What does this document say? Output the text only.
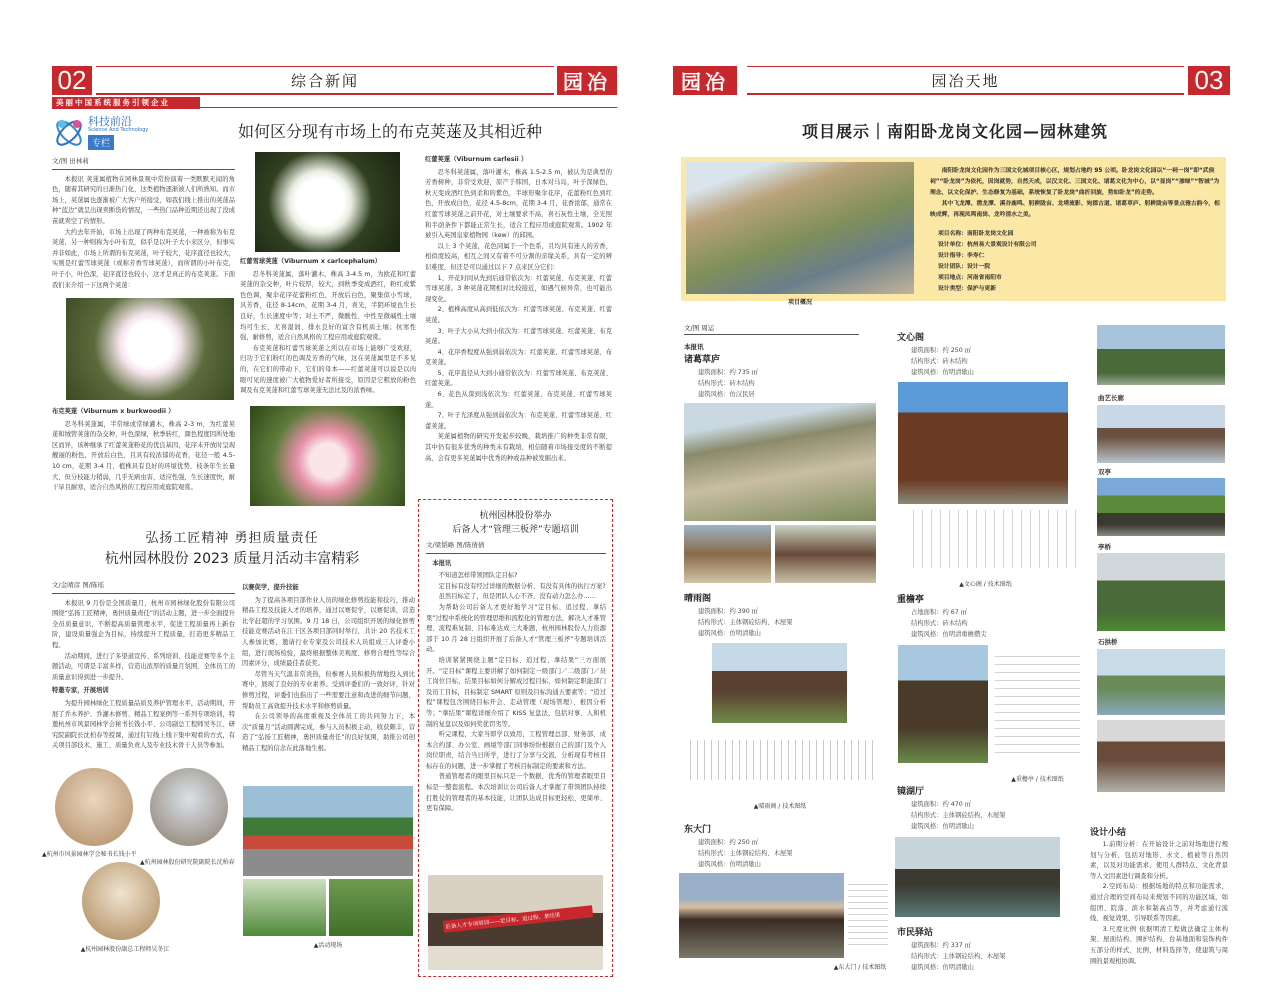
02	综合新闻	园冶
美丽中国系统服务引领企业
科技前沿
Science And Technology
专栏
如何区分现有市场上的布克荚蒾及其相近种
文/图 田林莉

本报讯 荚蒾属植物在园林景观中常扮演着一类默默无闻的角色，随着其研究的日渐热门化，这类植物逐渐被人们所熟知。而市场上，荚蒾属也逐渐被广大客户所接受，如我们线上推出的荚蒾品种“蓝边”就呈出现卖断货的情况，一些热门品种近期还出现了没成苗就卖空了的情形。

大约去年开始，市场上出现了两种布克荚蒾，一种被称为布克荚蒾，另一种则称为小叶布克，似乎是以叶子大小来区分，但事实并非如此，市场上所谓的布克荚蒾，叶子较大，花序直径也较大，实则是红蕾雪球荚蒾（或称芳香雪球荚蒾），而所谓的小叶布克，叶子小，叶色深，花序直径也较小，这才是真正的布克荚蒾。下面我们来介绍一下这两个荚蒾：

布克荚蒾（Viburnum x burkwoodii ）

忍冬科荚蒾属，半常绿或常绿灌木，株高 2-3 m，为红蕾荚蒾和绒管荚蒾的杂交种，叶色深绿，秋季转红，颜色程度因所处地区而异，该种继承了红蕾荚蒾粉花的优良基因，花序未开放时呈现靓丽的粉色，开放后白色，且具有较浓郁的花香，花径一般 4.5-10 cm，花期 3-4 月，植株具有良好的环境优势，枝条年生长量大，但分枝能力稍弱，几乎无病虫害，适应性强，生长速度快，耐干旱且耐寒，适合自然风格的工程应用或庭院观赏。

红蕾雪球荚蒾（Viburnum x carlcephalum）

忍冬科荚蒾属，落叶灌木，株高 3-4.5 m，为欧花和红蕾荚蒾的杂交种，叶片较厚，较大，到秋季变成酒红，粉红或紫色色调，聚伞花序花蕾粉红色，开放后白色，聚集似小雪球，具芳香，花径 8-14cm，花期 3-4 月，喜光，半阴环境也生长良好，生长速度中等；对土不严，微酸性、中性至微碱性土壤均可生长，尤喜湿润、排水良好的富含有机质土壤；抗寒性强，耐修剪，适合自然风格的工程应用或庭院观赏。

布克荚蒾和红蕾雪球荚蒾之所以在市场上能够广受欢迎，归功于它们粉红的色调及芳香的气味，这在荚蒾属里是不多见的，在它们的带动下，它们的母本——红蕾荚蒾可以说是以肉眼可见的速度被广大植物爱好者所接受，原因是它粗放的粉色调及布克荚蒾和红蕾雪球荚蒾无法比及的浓香味。

红蕾荚蒾（Viburnum carlesii ）

忍冬科荚蒾属，落叶灌木，株高 1.5-2.5 m，被认为是典型的芳香树种，非常受欢迎，原产于韩国，日本对马岛，叶子深绿色，秋天变成酒红色到柔和的紫色，半球形聚伞花序，花蕾粉红色到红色，开放成白色，花径 4.5-8cm，花期 3-4 月，花香浓郁，通常在红蕾雪球荚蒾之前开花，对土壤要求不高，喜石灰性土壤，全光照和半荫条件下都能正常生长，适合工程应用或庭院观赏。1902 年被引入英国皇家植物园（kew）的邱园。

以上 3 个荚蒾，花色同属于一个色系，且均具有迷人的芳香，相似度较高，相互之间又有着不可分割的亲缘关系，具有一定的辨识难度，但还是可以通过以下 7 点来区分它们：

1、开花时间从先到后通常依次为：红蕾荚蒾、布克荚蒾、红蕾雪球荚蒾。3 种荚蒾花期相对比较接近，如遇气候异常，也可能出现变化。

2、植株高度从高到低依次为：红蕾雪球荚蒾、布克荚蒾、红蕾荚蒾。

3、叶子大小从大到小依次为：红蕾雪球荚蒾、红蕾荚蒾、布克荚蒾。

4、花序香程度从强到弱依次为：红蕾荚蒾、红蕾雪球荚蒾、布克荚蒾。

5、花序直径从大到小通常依次为：红蕾雪球荚蒾、布克荚蒾、红蕾荚蒾。

6、花色从深到浅依次为：红蕾荚蒾、布克荚蒾、红蕾雪球荚蒾。

7、叶子光泽度从强到弱依次为：布克荚蒾、红蕾雪球荚蒾、红蕾荚蒾。

荚蒾属植物的研究开发起步较晚，栽培推广的种类非常有限，其中仍有很多优秀的种类未有栽培，相信随着市场接受度的不断提高，会有更多荚蒾属中优秀的种或品种被发掘出来。

弘扬工匠精神 勇担质量责任
杭州园林股份 2023 质量月活动丰富精彩
文/金晴彦 图/陈瑶

本报讯 9 月份是全国质量月，杭州市园林绿化股份有限公司围绕“弘扬工匠精神，勇担质量责任”的活动主题，进一步全面提升全员质量意识，不断提高质量管理水平，促进工程质量再上新台阶，建设质量强企为目标，持续提升工程质量，打造更多精品工程。

活动期间，进行了多渠道宣传、系列培训、技能竞赛等多个主题活动，可谓是丰富多样，营造出浓厚的质量月氛围，全体员工的质量意识得到进一步提升。

特邀专家，开展培训

为提升园林绿化工程质量品质及养护管理水平，活动期间，开展了乔木养护、乔灌木修剪、精品工程案例等一系列专项培训，特邀杭州市风景园林学会秘书长钱小平、公司副总工程师吴冬江、研究院副院长沈柏春等授课，通过钉钉线上线下集中观看的方式，有关项目部技术、施工、质量负责人及专业技术骨干人员等参加。

▲杭州市风景园林学会秘书长钱小平
▲杭州园林股份研究院副院长沈柏春
▲杭州园林股份副总工程师吴冬江
以赛促学，提升技能

为了提高各项目部作业人员的绿化修剪技能和技巧，推动精品工程及技能人才的培养，通过以赛促学，以赛促训，营造比学赶超的学习氛围。9 月 18 日，公司组织开展的绿化修剪技能竞赛活动在江干区各项目部同时举行，共计 20 名技术工人参加比赛，邀请行业专家及公司技术人员组成三人评委小组，进行现场检验，最终根据整体美观度、修剪合理性等综合因素评分，成绩最佳者获奖。

尽管当天气温非常炎热，但参赛人员积极热情地投入到比赛中，展现了良好的专业素养。受到评委们的一致好评，针对修剪过程，评委们也指出了一些需要注意和改进的细节问题，帮助员工高效提升技术水平和修剪质量。

在公司领导的高度重视及全体员工的共同努力下，本次“质量月”活动圆满完成，参与人员积极主动，收获颇丰，营造了“弘扬工匠精神，勇担质量责任”的良好氛围，助推公司创精品工程的信念在此落地生根。

▲活动现场
杭州园林股份举办
后备人才“管理三板斧”专题培训
文/梁韬略 图/陈倩倩

本报讯

不知道怎样带领团队定目标?

定目标有没有经过详细的数据分析、有没有具体的执行方案?

虽然目标定了，但是团队人心不齐、没有动力怎么办……

为帮助公司后备人才更好地学习“定目标、追过程、拿结果”过程中系统化的管理思维和流程化的管理方法，解决人才难管理、流程难复制、目标难达成三大难题，杭州园林股份人力资源部于 10 月 28 日组织开展了后备人才“管理三板斧”专题培训活动。

培训紧紧围绕主题“定目标、追过程、拿结果”三方面展开。“定目标”课程主要讲解了如何制定一级部门／二级部门／员工岗位目标，结果目标如何分解成过程目标，如何制定职能部门及员工目标，目标制定 SMART 原则及目标沟通五要素等；“追过程”课程包含围绕目标开会、走动管理（现场管理）、根因分析等；“拿结果”课程详细介绍了 KISS 复盘法，包括对事、人和机制的复盘以及如何奖优罚劣等。

听完课程，大家当即学以致用，工程管理总部、财务部、成本合约部、办公室、画境等部门同事纷纷根据自己的部门及个人岗位职责，结合当日所学，进行了分享与交流，分析现有考核目标存在的问题，进一步掌握了考核目标制定的要素和方法。

普通管理者的眼里目标只是一个数据，优秀的管理者眼里目标是一整套流程。本次培训让公司后备人才掌握了带领团队持续打胜仗的管理者的基本技能，让团队达成目标更轻松、更简单、更有保障。

后备人才专项培训——定目标、追过程、拿结果
园冶	园冶天地	03
项目展示｜南阳卧龙岗文化园—园林建筑
项目概况

南阳卧龙岗文化园作为三国文化城项目核心区，规划占地约 95 公顷。卧龙岗文化园以“一祠一岗”即“武侯祠”“卧龙岗”为依托，因岗就势，自然天成，以汉文化、三国文化、诸葛文化为中心，以“显岗”“渗绿”“智城”为理念，以文化保护、生态修复为基础，系统恢复了卧龙岗“曲折回旋，势如卧龙”的走势。

其中飞龙潭、潜龙潭、溪谷鹿鸣、躬耕陇亩、龙塔流影、宛郡古道、诸葛草庐、躬耕陇亩等景点雅古韵今，相映成辉，再现凤鸣南岗、龙吟清水之美。

项目名称：南阳卧龙岗文化园
设计单位：杭州易大景观设计有限公司
设计指导：李寿仁
设计团队：设计一院
项目地点：河南省南阳市
设计类型：保护与更新
文/图 周运
本报讯
诸葛草庐
建筑面积：约 735 ㎡
结构形式：砖木结构
建筑风格：仿汉民居
晴雨阁
建筑面积：约 390 ㎡
结构形式：主体钢砼结构、木屋架
建筑风格：仿明清歇山
▲晴雨阁 / 技术图纸
东大门
建筑面积：约 250 ㎡
结构形式：主体钢砼结构、木屋架
建筑风格：仿明清歇山
文心阁
建筑面积：约 250 ㎡
结构形式：砖木结构
建筑风格：仿明清歇山
▲文心阁 / 技术图纸
重檐亭
占地面积：约 67 ㎡
结构形式：砖木结构
建筑风格：仿明清重檐攒尖
▲重檐亭 / 技术图纸
镜湖厅
建筑面积：约 470 ㎡
结构形式：主体钢砼结构、木屋架
建筑风格：仿明清歇山
市民驿站
建筑面积：约 337 ㎡
结构形式：主体钢砼结构、木屋架
建筑风格：仿明清歇山
▲东大门 / 技术图纸
曲艺长廊
双亭
亭桥
石拱桥
设计小结

1.前期分析：在开始设计之前对场地进行规划与分析，包括对地形、水文、植被等自然因素，以及对功能需求、使用人群特点、文化背景等人文因素进行调查和分析。

2.空间布局：根据场地的特点和功能需求，通过合理的空间布局来规划不同的功能区域，如组团、院落、滨水和制高点等，并考虑通行流线、视觉效果、引导联系等因素。

3.尺度比例 依据明清工程做法确定主体构架、屋面结构、围护结构、台基地面和装饰构件五部分的样式、比例、材料选择等，使建筑与周围的景观相协调。
